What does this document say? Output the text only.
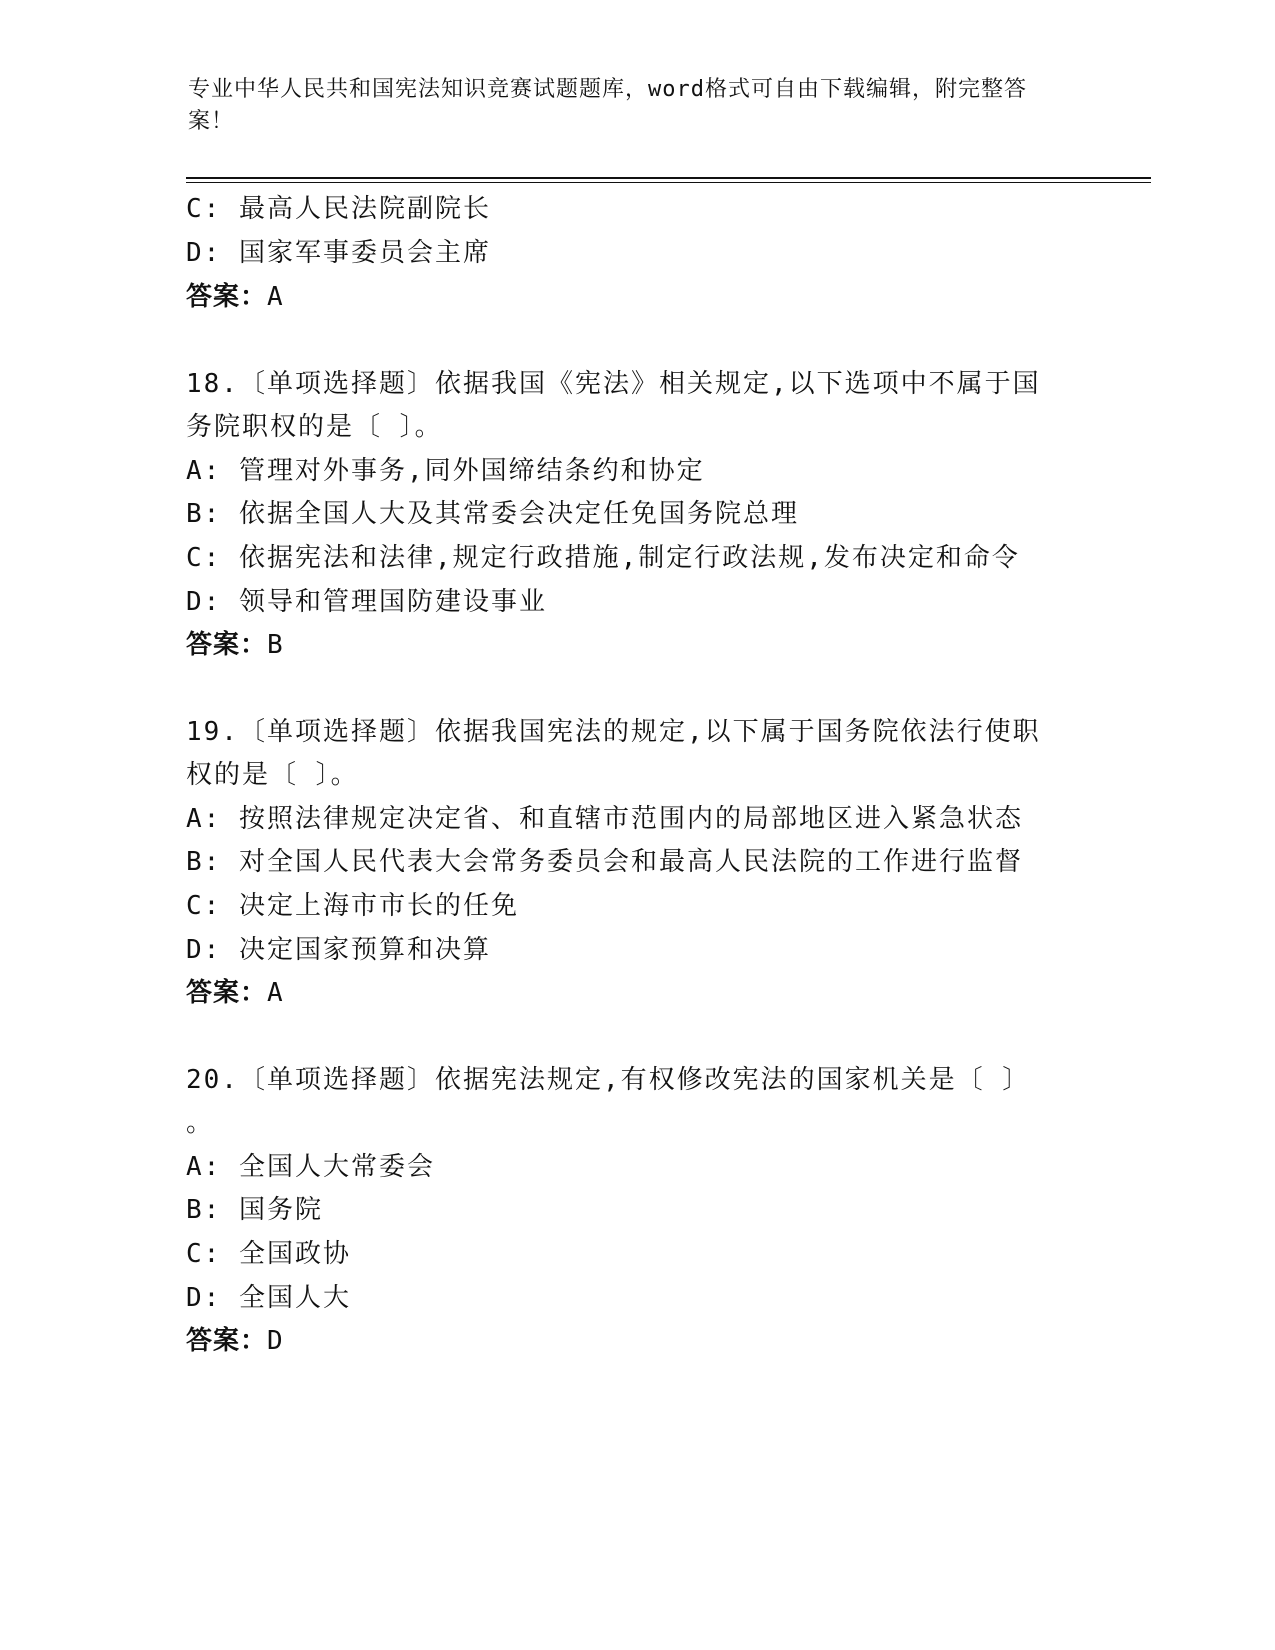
专业中华人民共和国宪法知识竞赛试题题库，word格式可自由下载编辑，附完整答案！
C: 最高人民法院副院长
D: 国家军事委员会主席
答案：A
18.〔单项选择题〕依据我国《宪法》相关规定,以下选项中不属于国
务院职权的是〔 〕。
A: 管理对外事务,同外国缔结条约和协定
B: 依据全国人大及其常委会决定任免国务院总理
C: 依据宪法和法律,规定行政措施,制定行政法规,发布决定和命令
D: 领导和管理国防建设事业
答案：B
19.〔单项选择题〕依据我国宪法的规定,以下属于国务院依法行使职
权的是〔 〕。
A: 按照法律规定决定省、和直辖市范围内的局部地区进入紧急状态
B: 对全国人民代表大会常务委员会和最高人民法院的工作进行监督
C: 决定上海市市长的任免
D: 决定国家预算和决算
答案：A
20.〔单项选择题〕依据宪法规定,有权修改宪法的国家机关是〔 〕
。
A: 全国人大常委会
B: 国务院
C: 全国政协
D: 全国人大
答案：D
